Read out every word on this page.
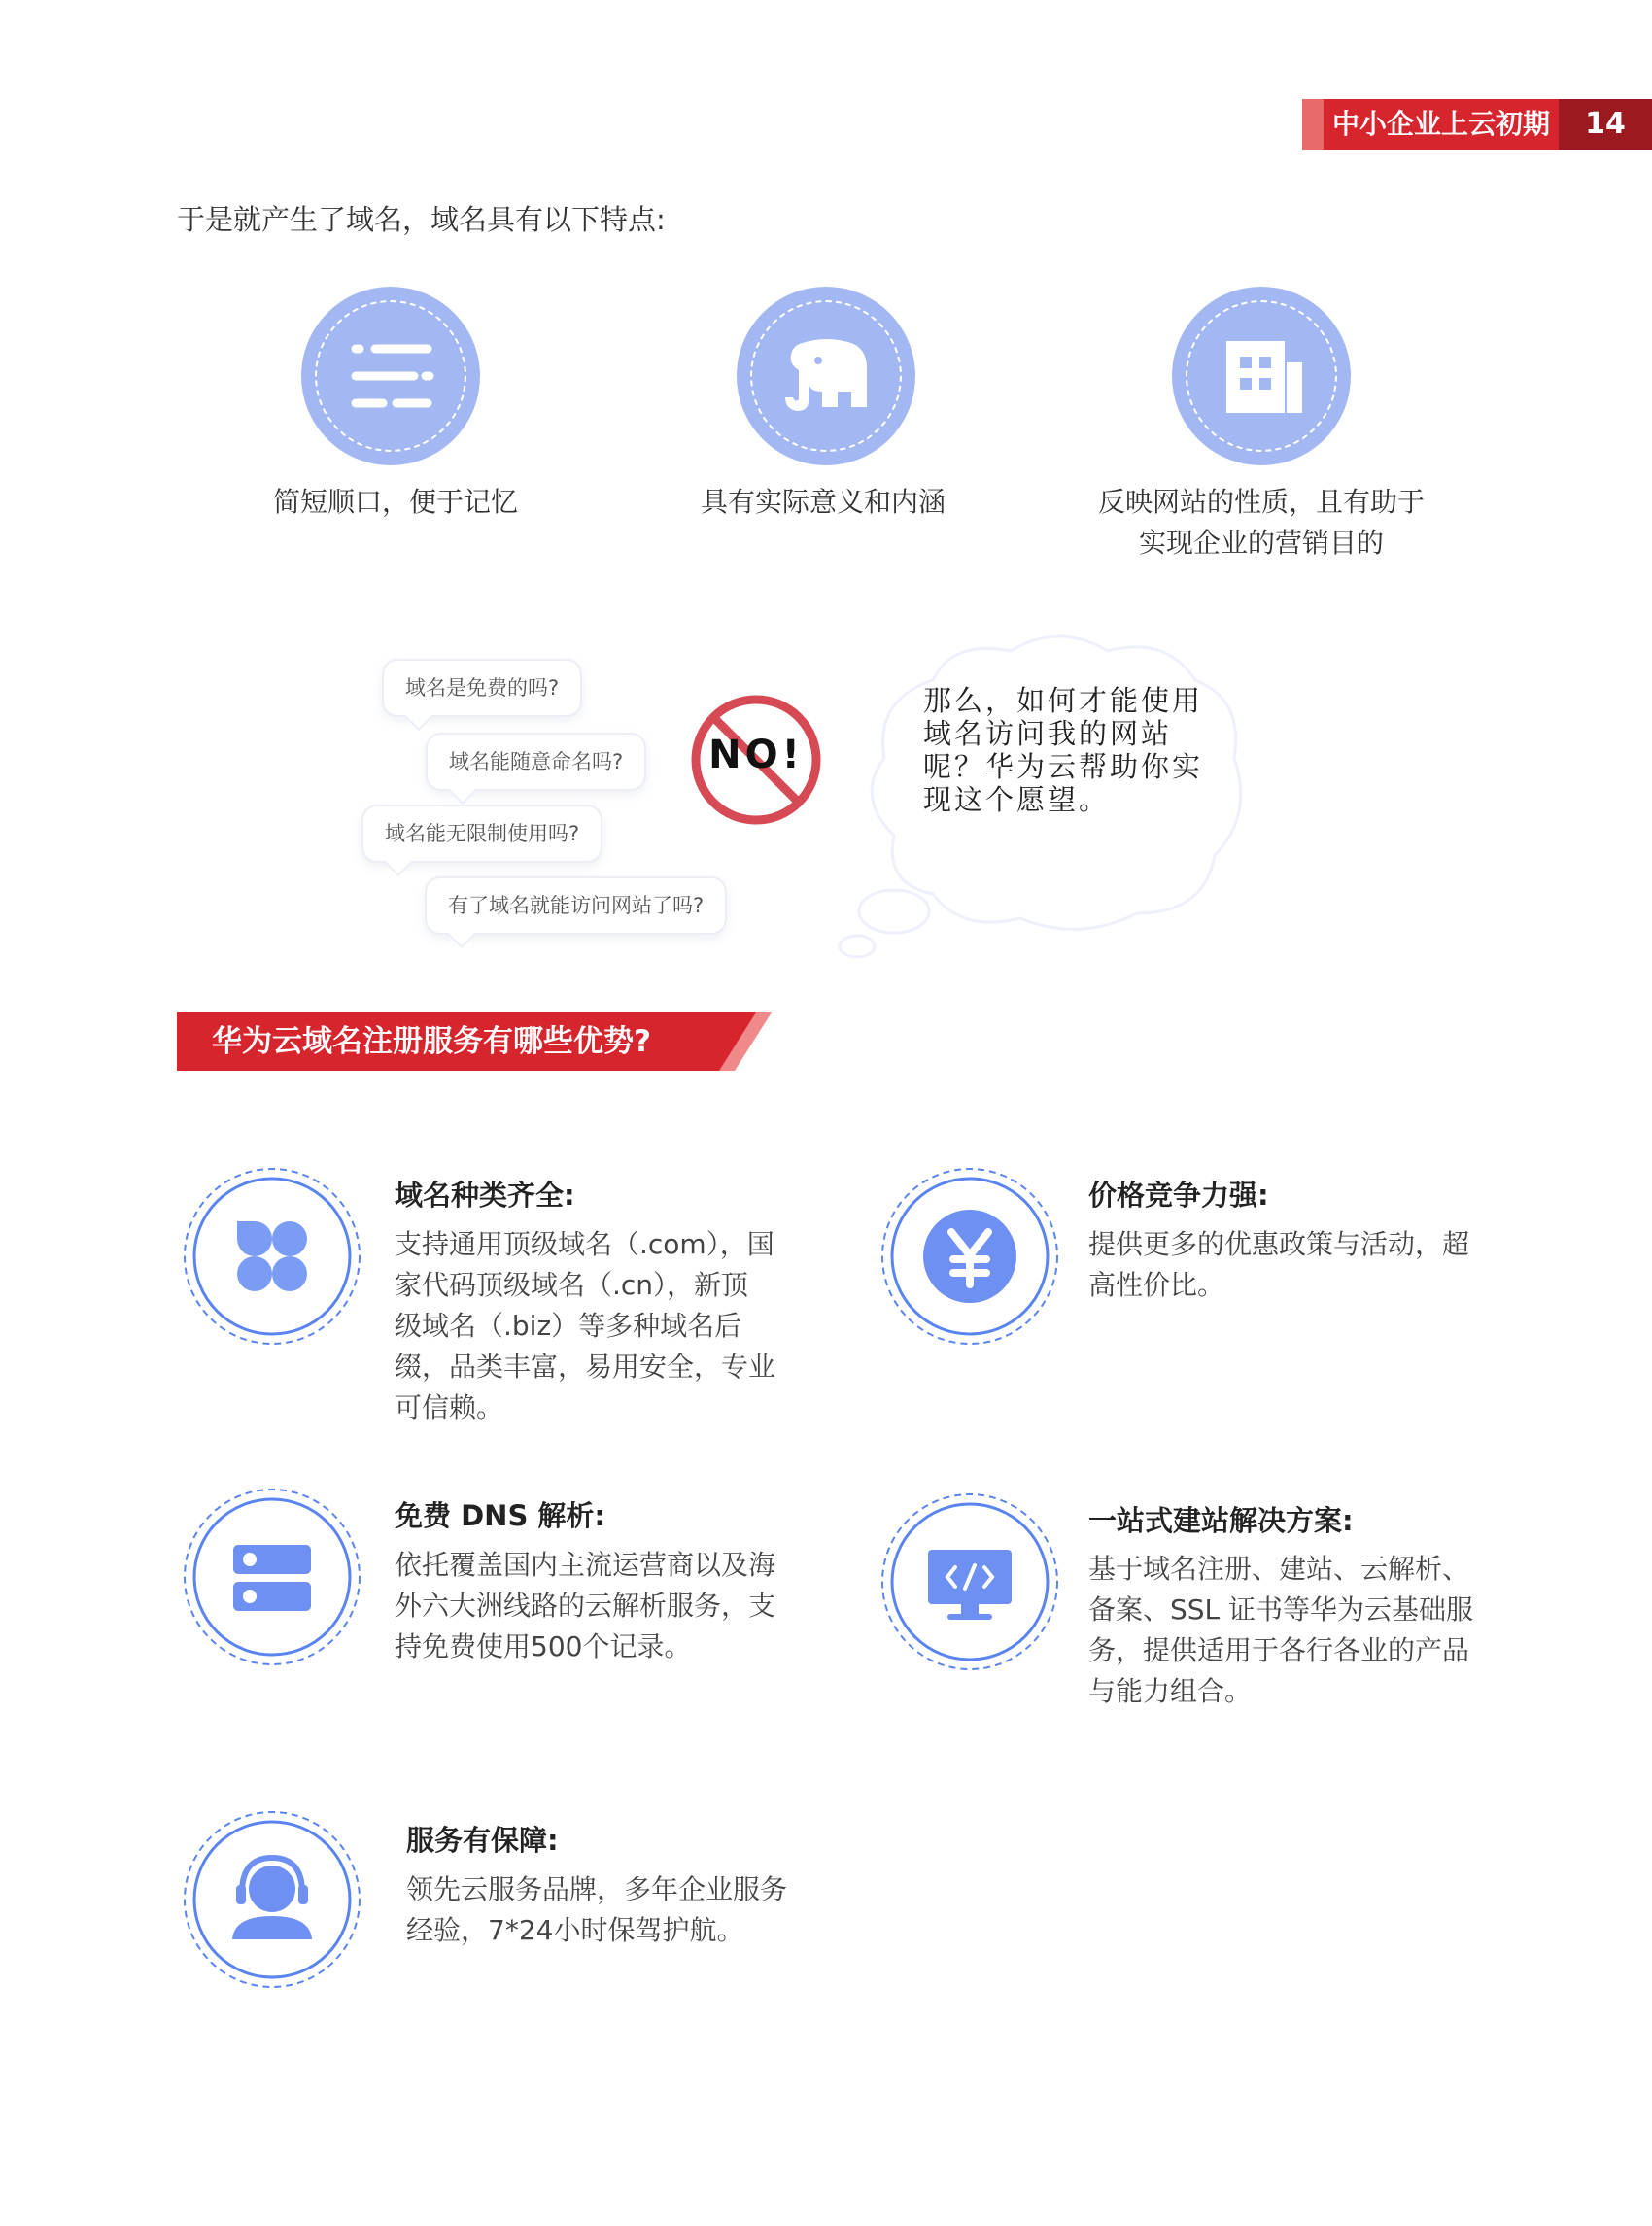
中小企业上云初期	14
于是就产生了域名，域名具有以下特点:
简短顺口，便于记忆	具有实际意义和内涵	反映网站的性质，且有助于
实现企业的营销目的
域名是免费的吗?
域名能随意命名吗?
域名能无限制使用吗?
有了域名就能访问网站了吗?
NO!
那么，如何才能使用域名访问我的网站呢？华为云帮助你实现这个愿望。
华为云域名注册服务有哪些优势?
域名种类齐全:
支持通用顶级域名（.com），国家代码顶级域名（.cn），新顶级域名（.biz）等多种域名后缀，品类丰富，易用安全，专业可信赖。
价格竞争力强:
提供更多的优惠政策与活动，超高性价比。
免费 DNS 解析:
依托覆盖国内主流运营商以及海外六大洲线路的云解析服务，支持免费使用500个记录。
一站式建站解决方案:
基于域名注册、建站、云解析、备案、SSL 证书等华为云基础服务，提供适用于各行各业的产品与能力组合。
服务有保障:
领先云服务品牌，多年企业服务经验，7*24小时保驾护航。
